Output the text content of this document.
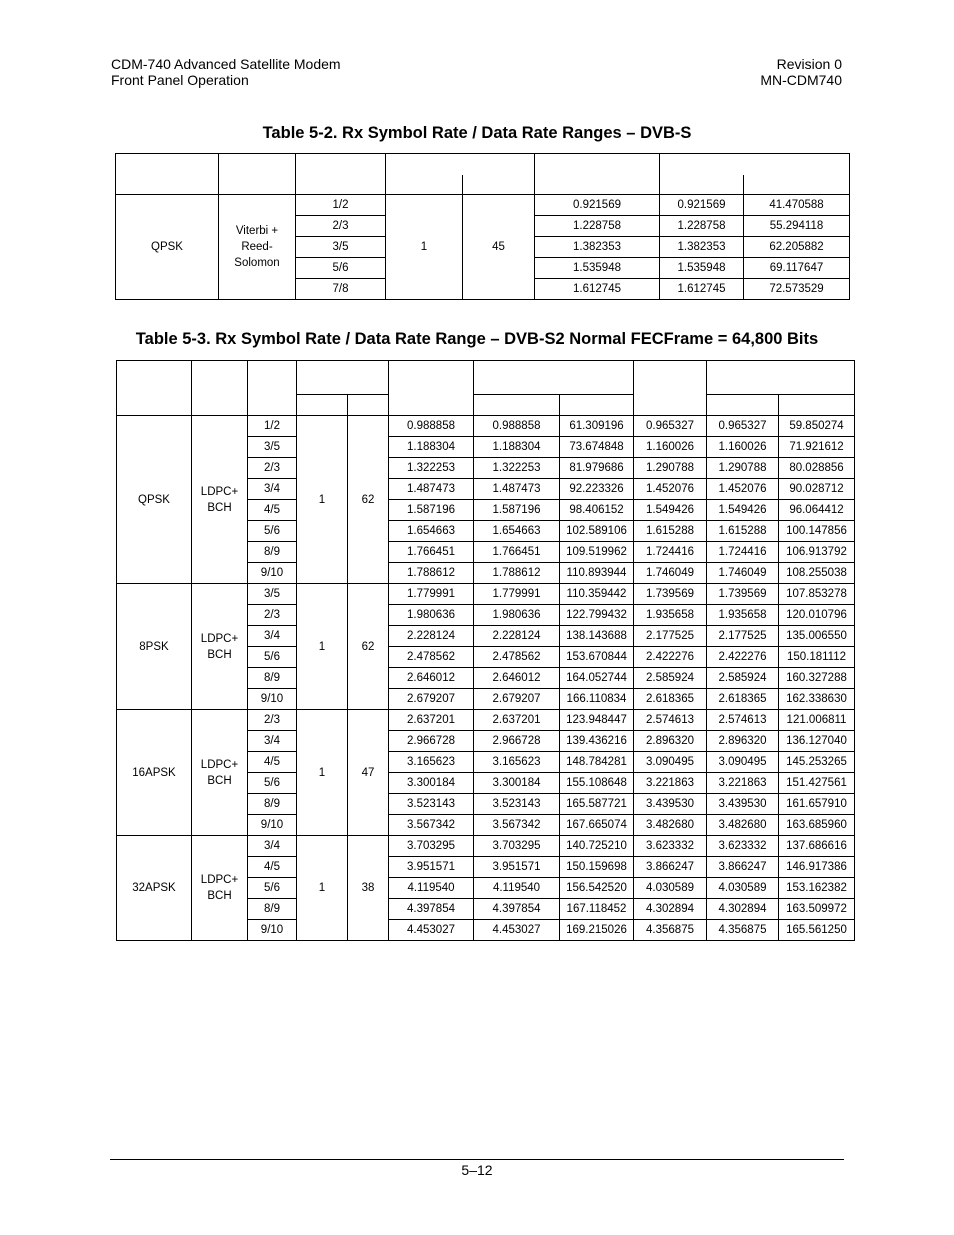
CDM-740 Advanced Satellite Modem
Front Panel Operation
Revision 0
MN-CDM740
Table 5-2. Rx Symbol Rate / Data Rate Ranges – DVB-S

QPSK	Viterbi + Reed-Solomon	1/2	1	45	0.921569	0.921569	41.470588
		2/3			1.228758	1.228758	55.294118
		3/5			1.382353	1.382353	62.205882
		5/6			1.535948	1.535948	69.117647
		7/8			1.612745	1.612745	72.573529
Table 5-3. Rx Symbol Rate / Data Rate Range – DVB-S2 Normal FECFrame = 64,800 Bits

QPSK	LDPC+ BCH	1/2	1	62	0.988858	0.988858	61.309196	0.965327	0.965327	59.850274
		3/5			1.188304	1.188304	73.674848	1.160026	1.160026	71.921612
		2/3			1.322253	1.322253	81.979686	1.290788	1.290788	80.028856
		3/4			1.487473	1.487473	92.223326	1.452076	1.452076	90.028712
		4/5			1.587196	1.587196	98.406152	1.549426	1.549426	96.064412
		5/6			1.654663	1.654663	102.589106	1.615288	1.615288	100.147856
		8/9			1.766451	1.766451	109.519962	1.724416	1.724416	106.913792
		9/10			1.788612	1.788612	110.893944	1.746049	1.746049	108.255038
8PSK	LDPC+ BCH	3/5	1	62	1.779991	1.779991	110.359442	1.739569	1.739569	107.853278
		2/3			1.980636	1.980636	122.799432	1.935658	1.935658	120.010796
		3/4			2.228124	2.228124	138.143688	2.177525	2.177525	135.006550
		5/6			2.478562	2.478562	153.670844	2.422276	2.422276	150.181112
		8/9			2.646012	2.646012	164.052744	2.585924	2.585924	160.327288
		9/10			2.679207	2.679207	166.110834	2.618365	2.618365	162.338630
16APSK	LDPC+ BCH	2/3	1	47	2.637201	2.637201	123.948447	2.574613	2.574613	121.006811
		3/4			2.966728	2.966728	139.436216	2.896320	2.896320	136.127040
		4/5			3.165623	3.165623	148.784281	3.090495	3.090495	145.253265
		5/6			3.300184	3.300184	155.108648	3.221863	3.221863	151.427561
		8/9			3.523143	3.523143	165.587721	3.439530	3.439530	161.657910
		9/10			3.567342	3.567342	167.665074	3.482680	3.482680	163.685960
32APSK	LDPC+ BCH	3/4	1	38	3.703295	3.703295	140.725210	3.623332	3.623332	137.686616
		4/5			3.951571	3.951571	150.159698	3.866247	3.866247	146.917386
		5/6			4.119540	4.119540	156.542520	4.030589	4.030589	153.162382
		8/9			4.397854	4.397854	167.118452	4.302894	4.302894	163.509972
		9/10			4.453027	4.453027	169.215026	4.356875	4.356875	165.561250
5–12
